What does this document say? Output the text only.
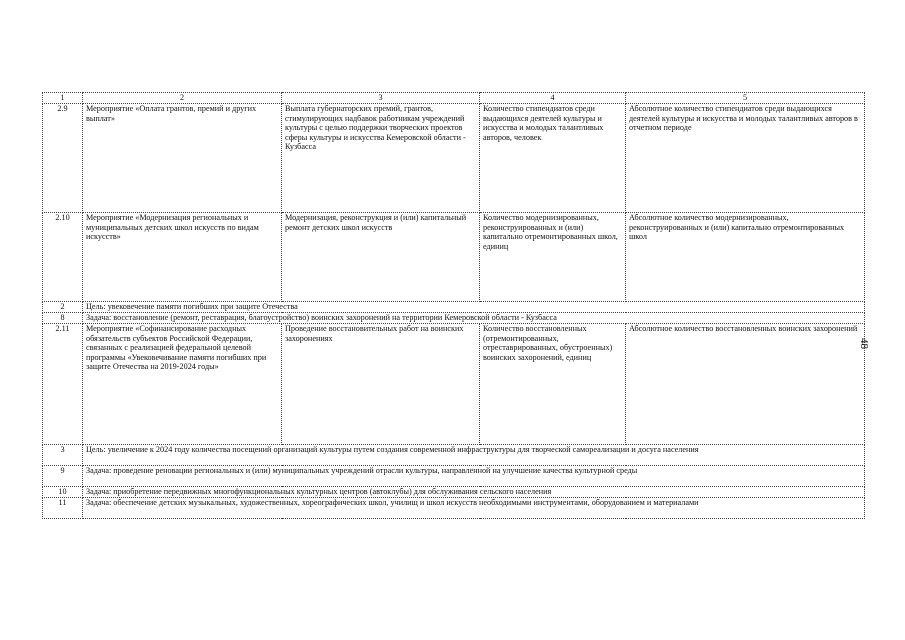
1	2	3	4	5
2.9	Мероприятие «Оплата грантов, премий и других выплат»	Выплата губернаторских премий, грантов, стимулирующих надбавок работникам учреждений культуры с целью поддержки творческих проектов сферы культуры и искусства Кемеровской области - Кузбасса	Количество стипендиатов среди выдающихся деятелей культуры и искусства и молодых талантливых авторов, человек	Абсолютное количество стипендиатов среди выдающихся деятелей культуры и искусства и молодых талантливых авторов в отчетном периоде
2.10	Мероприятие «Модернизация региональных и муниципальных детских школ искусств по видам искусств»	Модернизация, реконструкция и (или) капитальный ремонт детских школ искусств	Количество модернизированных, реконструированных и (или) капитально отремонтированных школ, единиц	Абсолютное количество модернизированных, реконструированных и (или) капитально отремонтированных школ
2	Цель: увековечение памяти погибших при защите Отечества			
8	Задача: восстановление (ремонт, реставрация, благоустройство) воинских захоронений на территории Кемеровской области - Кузбасса			
2.11	Мероприятие «Софинансирование расходных обязательств субъектов Российской Федерации, связанных с реализацией федеральной целевой программы «Увековечивание памяти погибших при защите Отечества на 2019-2024 годы»	Проведение восстановительных работ на воинских захоронениях	Количество восстановленных (отремонтированных, отреставрированных, обустроенных) воинских захоронений, единиц	Абсолютное количество восстановленных воинских захоронений
3	Цель: увеличение к 2024 году количества посещений организаций культуры путем создания современной инфраструктуры для творческой самореализации и досуга населения			
9	Задача: проведение реновации региональных и (или) муниципальных учреждений отрасли культуры, направленной на улучшение качества культурной среды			
10	Задача: приобретение передвижных многофункциональных культурных центров (автоклубы) для обслуживания сельского населения			
11	Задача: обеспечение детских музыкальных, художественных, хореографических школ, училищ и школ искусств необходимыми инструментами, оборудованием и материалами			
48
